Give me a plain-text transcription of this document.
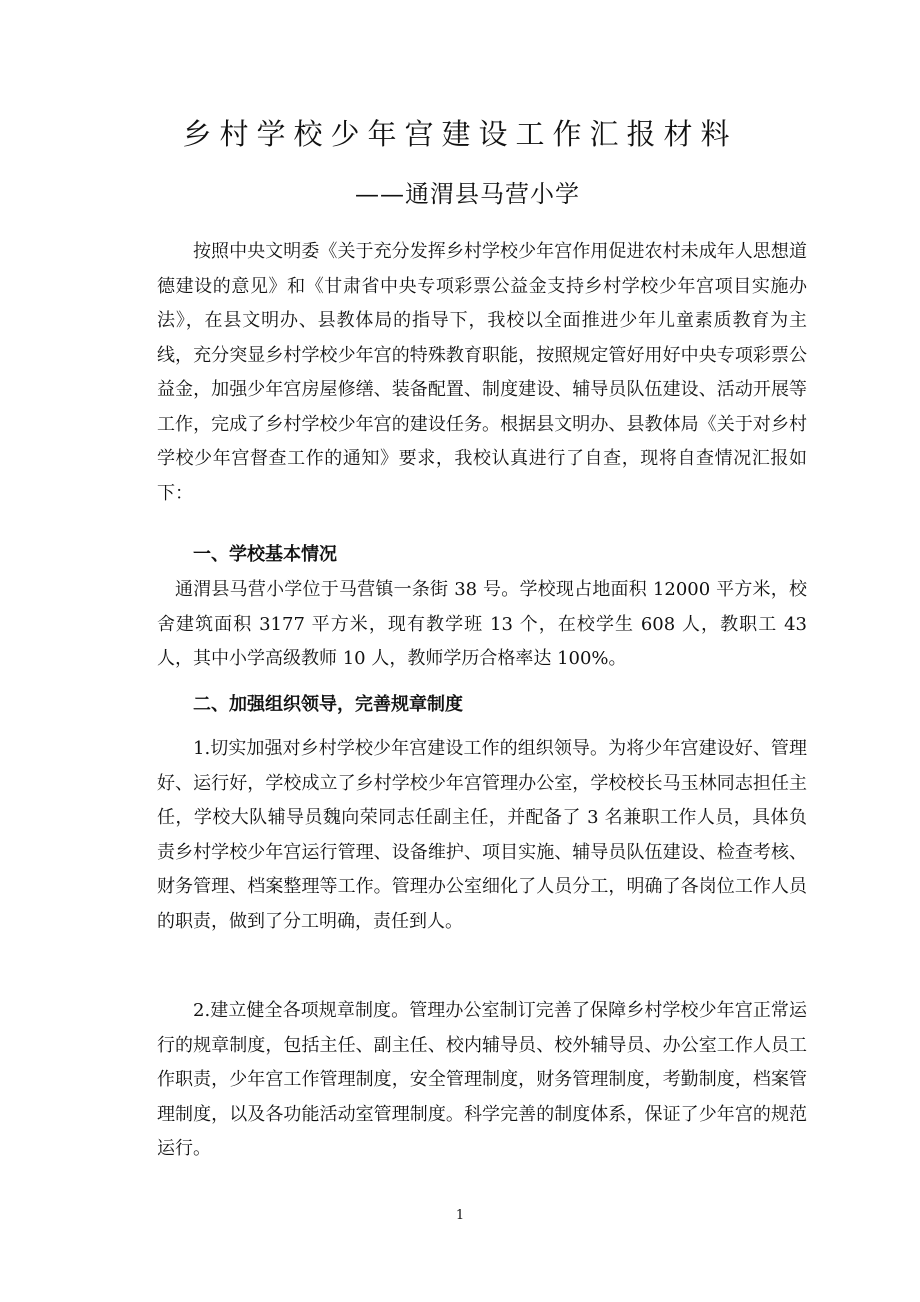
乡村学校少年宫建设工作汇报材料
——通渭县马营小学
按照中央文明委《关于充分发挥乡村学校少年宫作用促进农村未成年人思想道德建设的意见》和《甘肃省中央专项彩票公益金支持乡村学校少年宫项目实施办法》，在县文明办、县教体局的指导下，我校以全面推进少年儿童素质教育为主线，充分突显乡村学校少年宫的特殊教育职能，按照规定管好用好中央专项彩票公益金，加强少年宫房屋修缮、装备配置、制度建设、辅导员队伍建设、活动开展等工作，完成了乡村学校少年宫的建设任务。根据县文明办、县教体局《关于对乡村学校少年宫督查工作的通知》要求，我校认真进行了自查，现将自查情况汇报如下：
一、学校基本情况
通渭县马营小学位于马营镇一条街 38 号。学校现占地面积 12000 平方米，校舍建筑面积 3177 平方米，现有教学班 13 个，在校学生 608 人，教职工 43 人，其中小学高级教师 10 人，教师学历合格率达 100%。
二、加强组织领导，完善规章制度
1.切实加强对乡村学校少年宫建设工作的组织领导。为将少年宫建设好、管理好、运行好，学校成立了乡村学校少年宫管理办公室，学校校长马玉林同志担任主任，学校大队辅导员魏向荣同志任副主任，并配备了 3 名兼职工作人员，具体负责乡村学校少年宫运行管理、设备维护、项目实施、辅导员队伍建设、检查考核、财务管理、档案整理等工作。管理办公室细化了人员分工，明确了各岗位工作人员的职责，做到了分工明确，责任到人。
2.建立健全各项规章制度。管理办公室制订完善了保障乡村学校少年宫正常运行的规章制度，包括主任、副主任、校内辅导员、校外辅导员、办公室工作人员工作职责，少年宫工作管理制度，安全管理制度，财务管理制度，考勤制度，档案管理制度，以及各功能活动室管理制度。科学完善的制度体系，保证了少年宫的规范运行。
1
